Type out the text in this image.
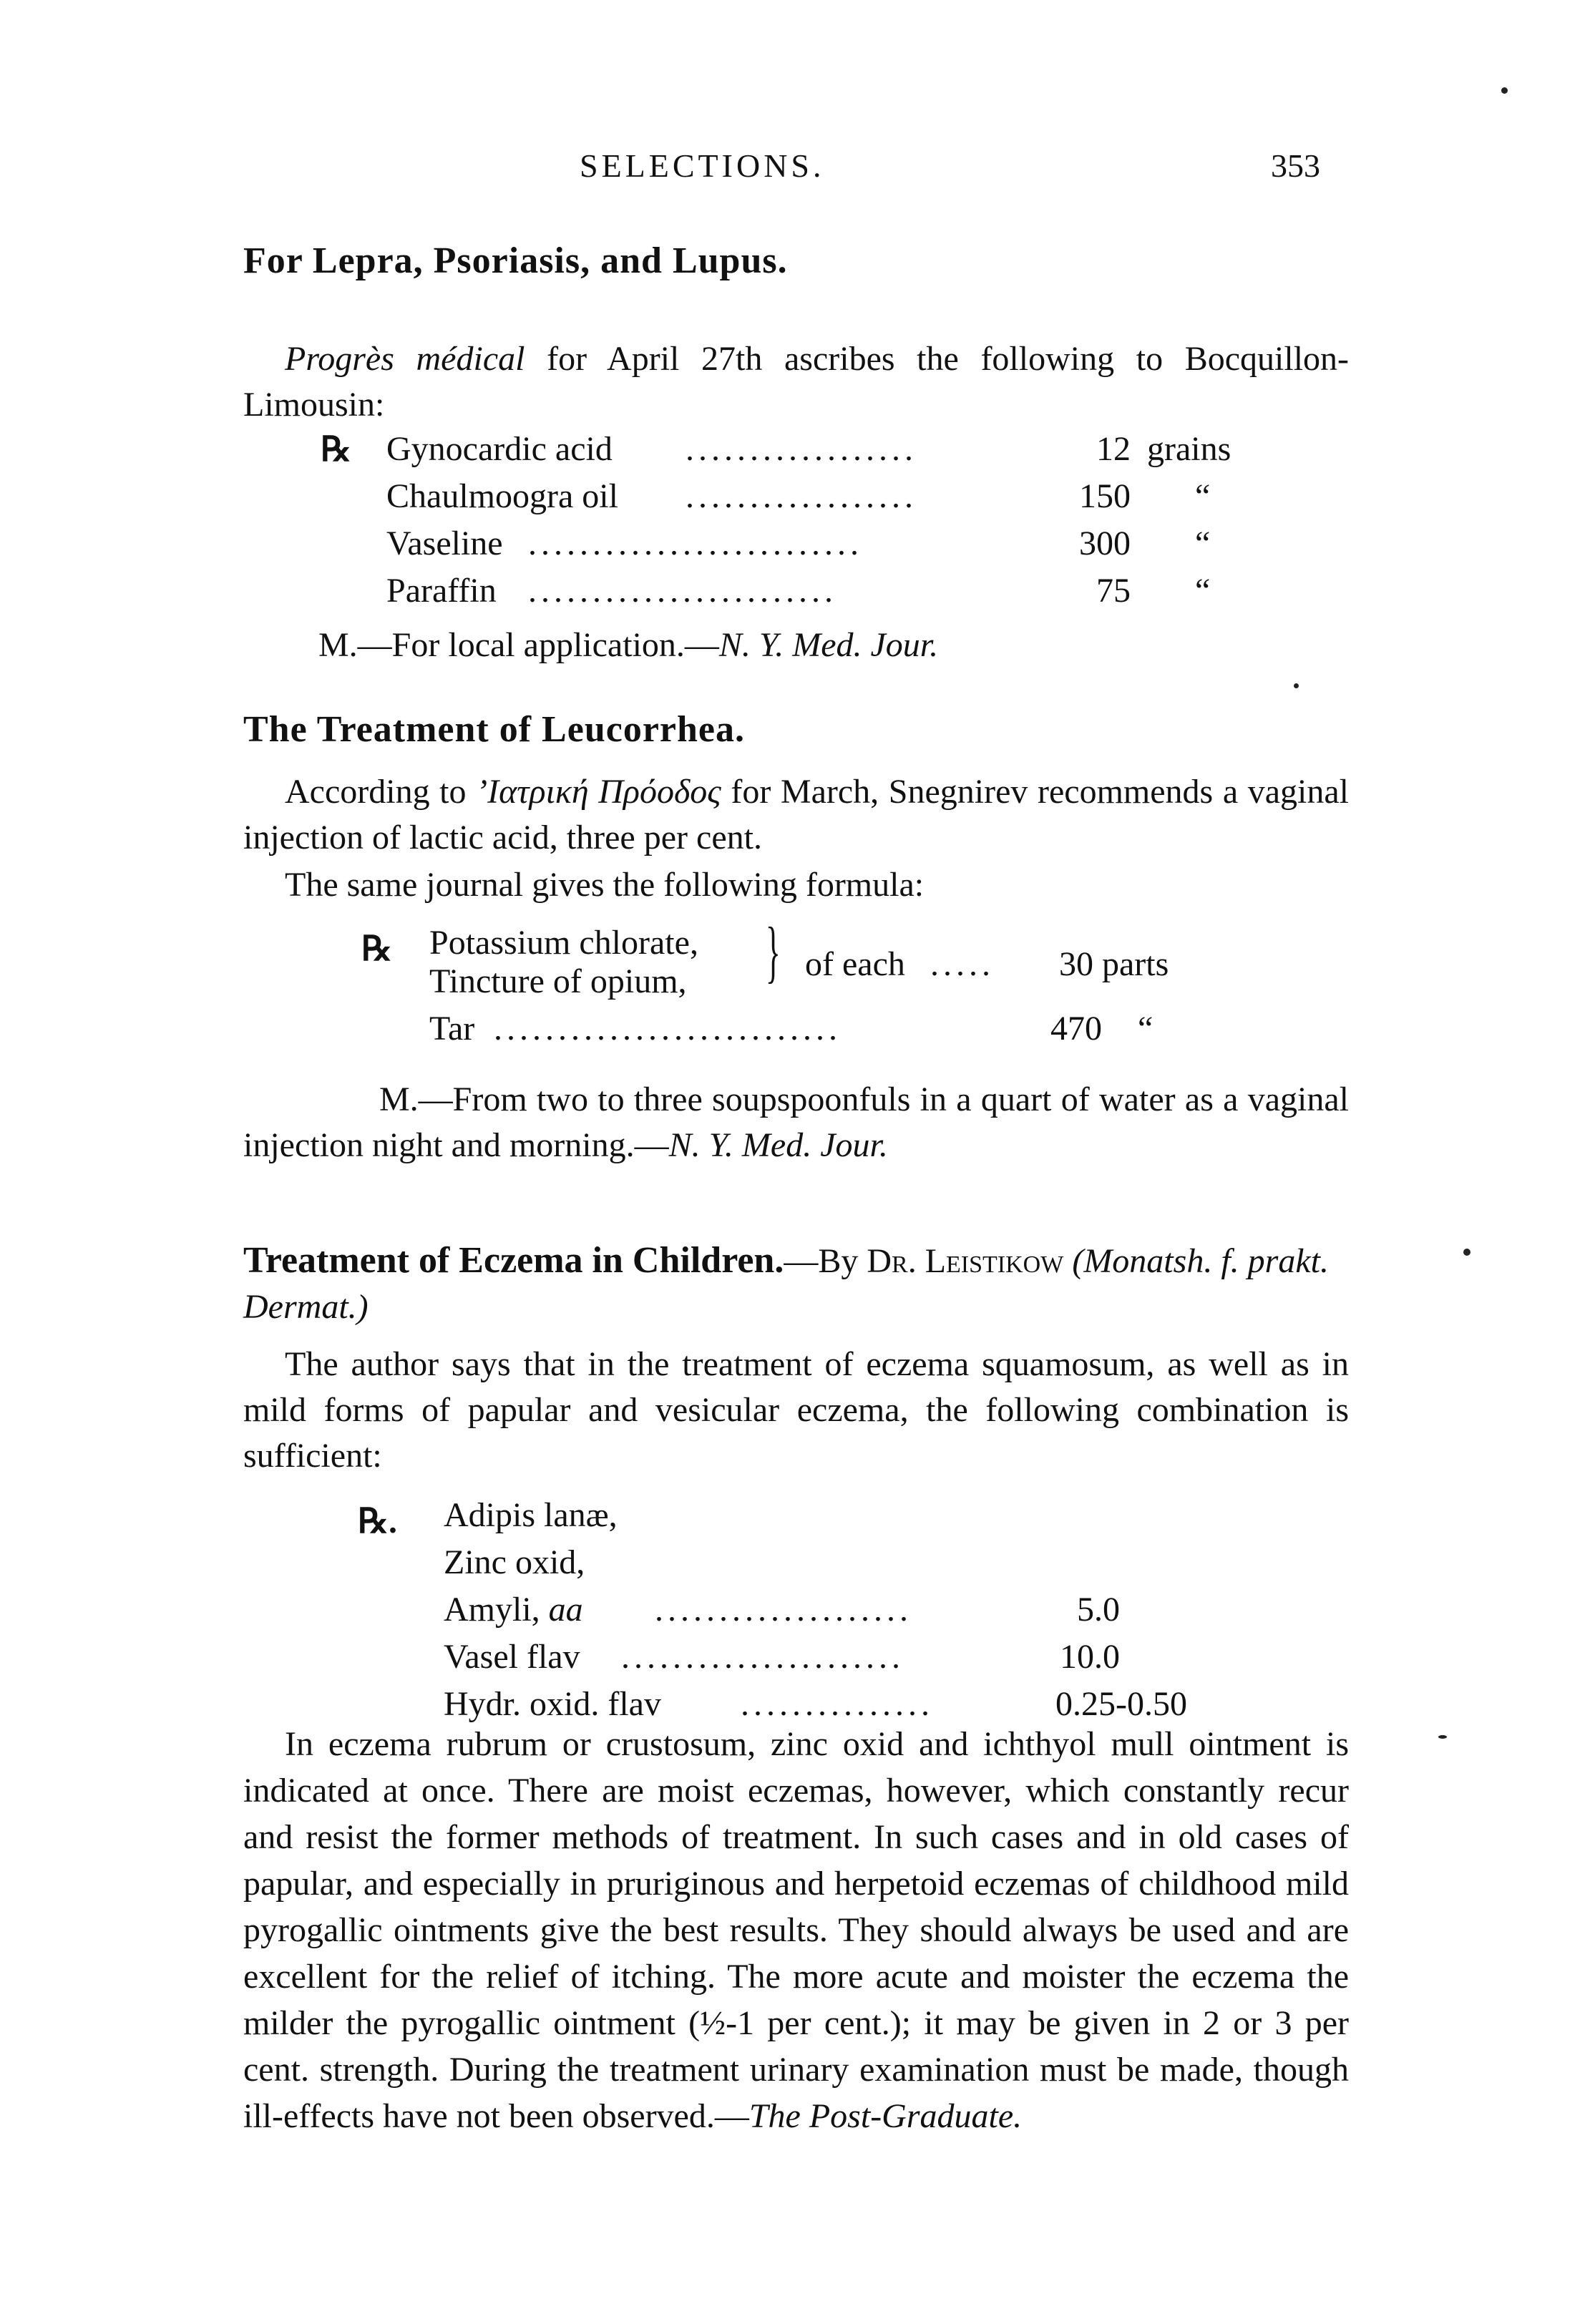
SELECTIONS.	353
For Lepra, Psoriasis, and Lupus.

Progrès médical for April 27th ascribes the following to Bocquillon-Limousin:

℞ Gynocardic acid ..................	12 grains
Chaulmoogra oil ..................	150 “
Vaseline ..........................	300 “
Paraffin ........................	75 “
M.—For local application.—N. Y. Med. Jour.
The Treatment of Leucorrhea.

According to ’Ιατρική Πρόοδος for March, Snegnirev recommends a vaginal injection of lactic acid, three per cent.

The same journal gives the following formula:

℞ Potassium chlorate,
Tincture of opium, } of each .....	30 parts
Tar ...........................	470 “

M.—From two to three soupspoonfuls in a quart of water as a vaginal injection night and morning.—N. Y. Med. Jour.

Treatment of Eczema in Children.—By Dr. Leistikow (Monatsh. f. prakt. Dermat.)

The author says that in the treatment of eczema squamosum, as well as in mild forms of papular and vesicular eczema, the following combination is sufficient:

℞. Adipis lanæ,
Zinc oxid,
Amyli, aa ....................	5.0
Vasel flav ......................	10.0
Hydr. oxid. flav ...............	0.25-0.50

In eczema rubrum or crustosum, zinc oxid and ichthyol mull ointment is indicated at once. There are moist eczemas, however, which constantly recur and resist the former methods of treatment. In such cases and in old cases of papular, and especially in pruriginous and herpetoid eczemas of childhood mild pyrogallic ointments give the best results. They should always be used and are excellent for the relief of itching. The more acute and moister the eczema the milder the pyrogallic ointment (½-1 per cent.); it may be given in 2 or 3 per cent. strength. During the treatment urinary examination must be made, though ill-effects have not been observed.—The Post-Graduate.
